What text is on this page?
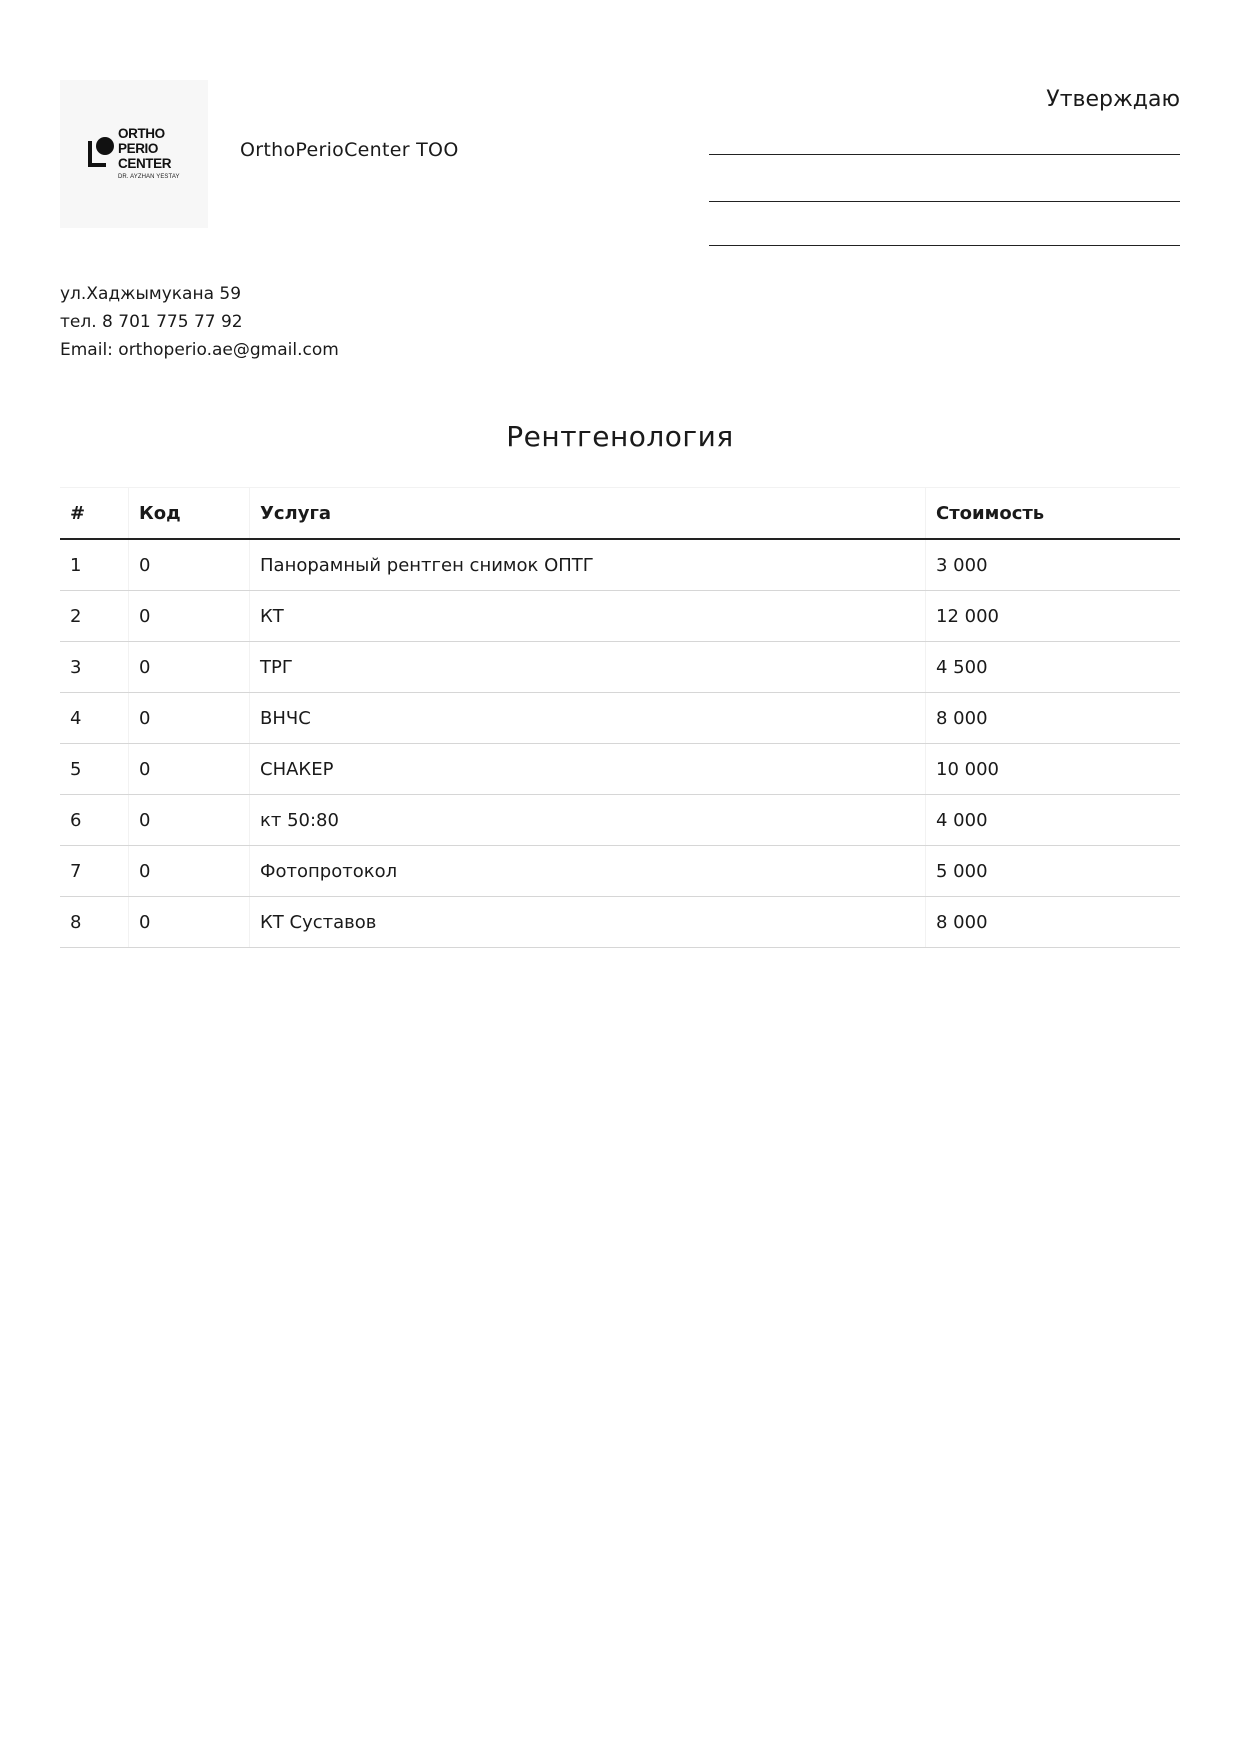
ORTHO
PERIO
CENTER
DR. AYZHAN YESTAY
OrthoPerioCenter ТОО
Утверждаю
ул.Хаджымукана 59
тел. 8 701 775 77 92
Email: orthoperio.ae@gmail.com
Рентгенология
#	Код	Услуга	Стоимость
1	0	Панорамный рентген снимок ОПТГ	3 000
2	0	КТ	12 000
3	0	ТРГ	4 500
4	0	ВНЧС	8 000
5	0	СНАКЕР	10 000
6	0	кт 50:80	4 000
7	0	Фотопротокол	5 000
8	0	КТ Суставов	8 000
